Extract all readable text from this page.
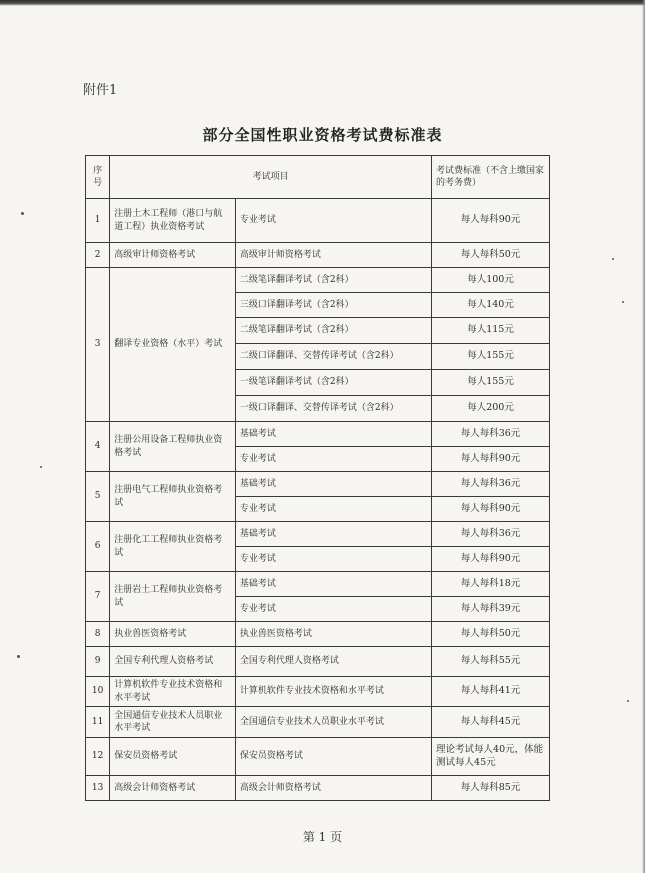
附件1
部分全国性职业资格考试费标准表
序号	考试项目		考试费标准（不含上缴国家的考务费）
1	注册土木工程师（港口与航道工程）执业资格考试	专业考试	每人每科90元
2	高级审计师资格考试	高级审计师资格考试	每人每科50元
3	翻译专业资格（水平）考试	二级笔译翻译考试（含2科）	每人100元
		三级口译翻译考试（含2科）	每人140元
		二级笔译翻译考试（含2科）	每人115元
		二级口译翻译、交替传译考试（含2科）	每人155元
		一级笔译翻译考试（含2科）	每人155元
		一级口译翻译、交替传译考试（含2科）	每人200元
4	注册公用设备工程师执业资格考试	基础考试	每人每科36元
		专业考试	每人每科90元
5	注册电气工程师执业资格考试	基础考试	每人每科36元
		专业考试	每人每科90元
6	注册化工工程师执业资格考试	基础考试	每人每科36元
		专业考试	每人每科90元
7	注册岩土工程师执业资格考试	基础考试	每人每科18元
		专业考试	每人每科39元
8	执业兽医资格考试	执业兽医资格考试	每人每科50元
9	全国专利代理人资格考试	全国专利代理人资格考试	每人每科55元
10	计算机软件专业技术资格和水平考试	计算机软件专业技术资格和水平考试	每人每科41元
11	全国通信专业技术人员职业水平考试	全国通信专业技术人员职业水平考试	每人每科45元
12	保安员资格考试	保安员资格考试	理论考试每人40元，体能测试每人45元
13	高级会计师资格考试	高级会计师资格考试	每人每科85元
第 1 页
